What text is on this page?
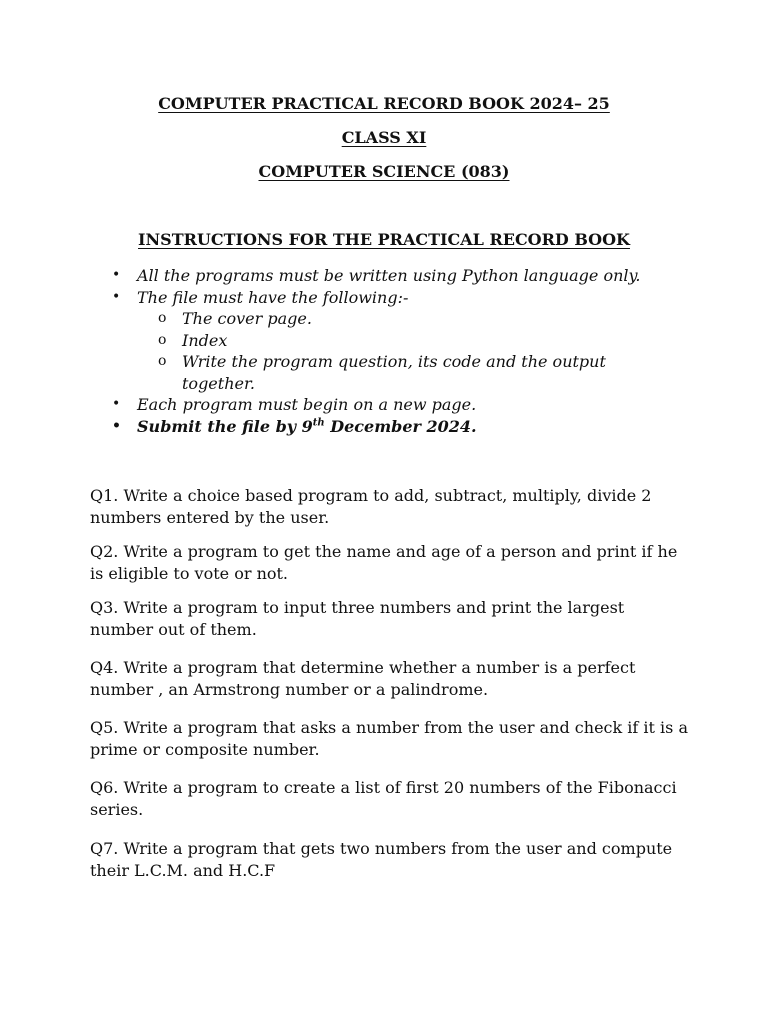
COMPUTER PRACTICAL RECORD BOOK 2024– 25
CLASS XI
COMPUTER SCIENCE (083)
INSTRUCTIONS FOR THE PRACTICAL RECORD BOOK
• All the programs must be written using Python language only.
• The file must have the following:-
o The cover page.
o Index
o Write the program question, its code and the output together.
• Each program must begin on a new page.
• Submit the file by 9th December 2024.

Q1. Write a choice based program to add, subtract, multiply, divide 2 numbers entered by the user.

Q2. Write a program to get the name and age of a person and print if he is eligible to vote or not.

Q3. Write a program to input three numbers and print the largest number out of them.

Q4. Write a program that determine whether a number is a perfect number , an Armstrong number or a palindrome.

Q5. Write a program that asks a number from the user and check if it is a prime or composite number.

Q6. Write a program to create a list of first 20 numbers of the Fibonacci series.

Q7. Write a program that gets two numbers from the user and compute their L.C.M. and H.C.F
